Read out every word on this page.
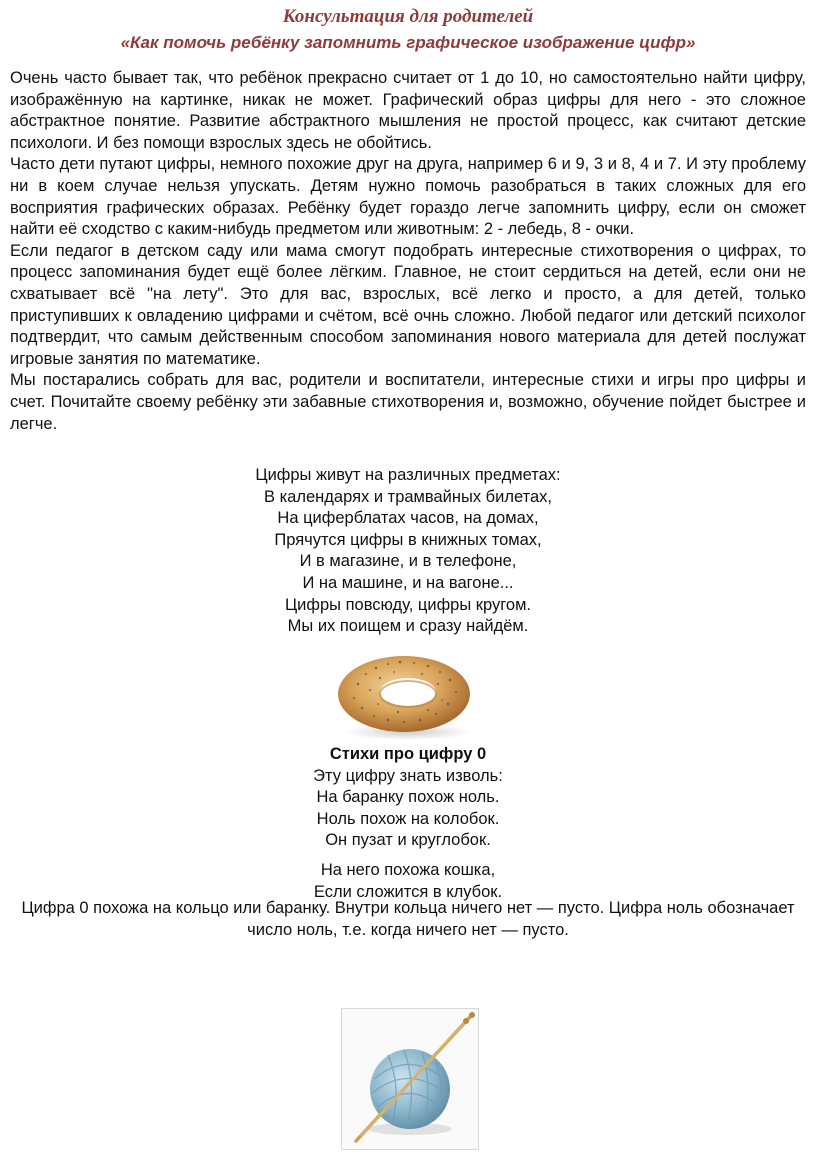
Консультация для родителей
«Как помочь ребёнку запомнить графическое изображение цифр»

Очень часто бывает так, что ребёнок прекрасно считает от 1 до 10, но самостоятельно найти цифру, изображённую на картинке, никак не может. Графический образ цифры для него - это сложное абстрактное понятие. Развитие абстрактного мышления не простой процесс, как считают детские психологи. И без помощи взрослых здесь не обойтись.

Часто дети путают цифры, немного похожие друг на друга, например 6 и 9, 3 и 8, 4 и 7. И эту проблему ни в коем случае нельзя упускать. Детям нужно помочь разобраться в таких сложных для его восприятия графических образах. Ребёнку будет гораздо легче запомнить цифру, если он сможет найти её сходство с каким-нибудь предметом или животным: 2 - лебедь, 8 - очки.

Если педагог в детском саду или мама смогут подобрать интересные стихотворения о цифрах, то процесс запоминания будет ещё более лёгким. Главное, не стоит сердиться на детей, если они не схватывает всё "на лету". Это для вас, взрослых, всё легко и просто, а для детей, только приступивших к овладению цифрами и счётом, всё очнь сложно. Любой педагог или детский психолог подтвердит, что самым действенным способом запоминания нового материала для детей послужат игровые занятия по математике.

Мы постарались собрать для вас, родители и воспитатели, интересные стихи и игры про цифры и счет. Почитайте своему ребёнку эти забавные стихотворения и, возможно, обучение пойдет быстрее и легче.

Цифры живут на различных предметах:
В календарях и трамвайных билетах,
На циферблатах часов, на домах,
Прячутся цифры в книжных томах,
И в магазине, и в телефоне,
И на машине, и на вагоне...
Цифры повсюду, цифры кругом.
Мы их поищем и сразу найдём.
Стихи про цифру 0
Эту цифру знать изволь:
На баранку похож ноль.
Ноль похож на колобок.
Он пузат и круглобок.
На него похожа кошка,
Если сложится в клубок.
Цифра 0 похожа на кольцо или баранку. Внутри кольца ничего нет — пусто. Цифра ноль обозначает число ноль, т.е. когда ничего нет — пусто.
